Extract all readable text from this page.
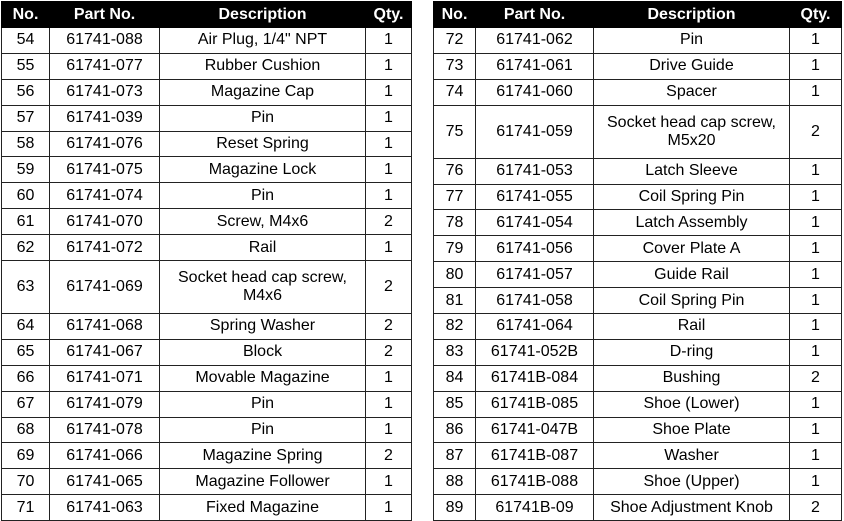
No.	Part No.	Description	Qty.
54	61741-088	Air Plug, 1/4" NPT	1
55	61741-077	Rubber Cushion	1
56	61741-073	Magazine Cap	1
57	61741-039	Pin	1
58	61741-076	Reset Spring	1
59	61741-075	Magazine Lock	1
60	61741-074	Pin	1
61	61741-070	Screw, M4x6	2
62	61741-072	Rail	1
63	61741-069	Socket head cap screw, M4x6	2
64	61741-068	Spring Washer	2
65	61741-067	Block	2
66	61741-071	Movable Magazine	1
67	61741-079	Pin	1
68	61741-078	Pin	1
69	61741-066	Magazine Spring	2
70	61741-065	Magazine Follower	1
71	61741-063	Fixed Magazine	1
No.	Part No.	Description	Qty.
72	61741-062	Pin	1
73	61741-061	Drive Guide	1
74	61741-060	Spacer	1
75	61741-059	Socket head cap screw, M5x20	2
76	61741-053	Latch Sleeve	1
77	61741-055	Coil Spring Pin	1
78	61741-054	Latch Assembly	1
79	61741-056	Cover Plate A	1
80	61741-057	Guide Rail	1
81	61741-058	Coil Spring Pin	1
82	61741-064	Rail	1
83	61741-052B	D-ring	1
84	61741B-084	Bushing	2
85	61741B-085	Shoe (Lower)	1
86	61741-047B	Shoe Plate	1
87	61741B-087	Washer	1
88	61741B-088	Shoe (Upper)	1
89	61741B-09	Shoe Adjustment Knob	2
